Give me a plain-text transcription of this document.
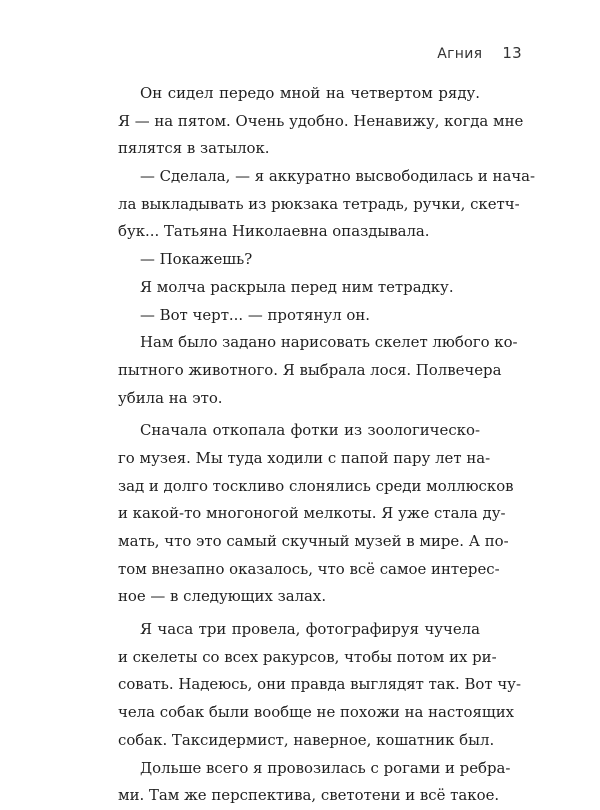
Агния 13
Он сидел передо мной на четвертом ряду.
Я — на пятом. Очень удобно. Ненавижу, когда мне
пялятся в затылок.
— Сделала, — я аккуратно высвободилась и нача-
ла выкладывать из рюкзака тетрадь, ручки, скетч-
бук... Татьяна Николаевна опаздывала.
— Покажешь?
Я молча раскрыла перед ним тетрадку.
— Вот черт... — протянул он.
Нам было задано нарисовать скелет любого ко-
пытного животного. Я выбрала лося. Полвечера
убила на это.
Сначала откопала фотки из зоологическо-
го музея. Мы туда ходили с папой пару лет на-
зад и долго тоскливо слонялись среди моллюсков
и какой-то многоногой мелкоты. Я уже стала ду-
мать, что это самый скучный музей в мире. А по-
том внезапно оказалось, что всё самое интерес-
ное — в следующих залах.
Я часа три провела, фотографируя чучела
и скелеты со всех ракурсов, чтобы потом их ри-
совать. Надеюсь, они правда выглядят так. Вот чу-
чела собак были вообще не похожи на настоящих
собак. Таксидермист, наверное, кошатник был.
Дольше всего я провозилась с рогами и ребра-
ми. Там же перспектива, светотени и всё такое.
